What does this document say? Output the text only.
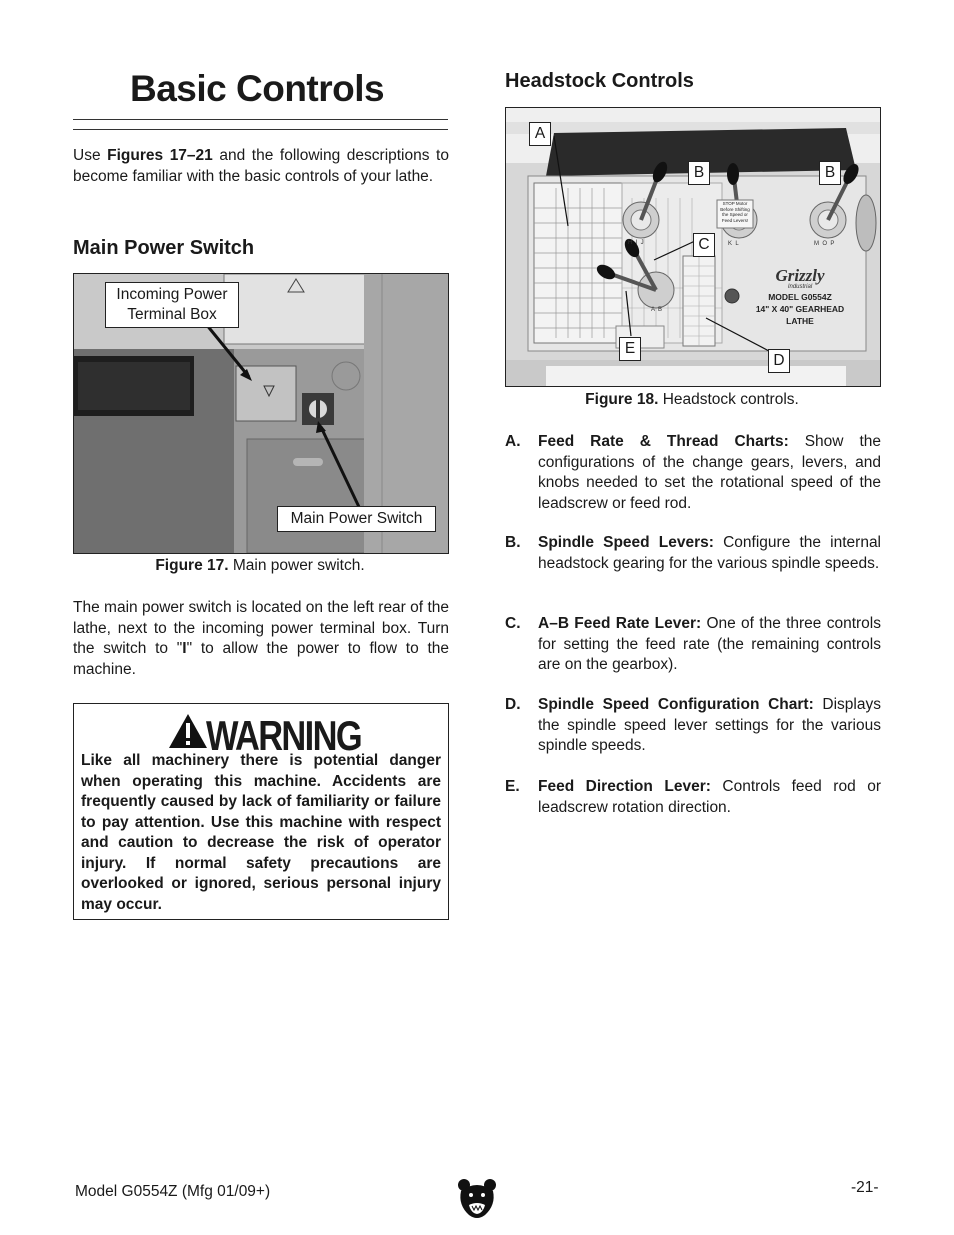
Basic Controls
Use Figures 17–21 and the following descriptions to become familiar with the basic controls of your lathe.
Main Power Switch
Incoming Power Terminal Box
Main Power Switch
Figure 17. Main power switch.
The main power switch is located on the left rear of the lathe, next to the incoming power terminal box. Turn the switch to "I" to allow the power to flow to the machine.
WARNING
Like all machinery there is potential danger when operating this machine. Accidents are frequently caused by lack of familiarity or failure to pay attention. Use this machine with respect and caution to decrease the risk of operator injury. If normal safety precautions are overlooked or ignored, serious personal injury may occur.
Headstock Controls
Grizzly
Industrial
MODEL G0554Z
14" X 40" GEARHEAD
LATHE
STOP Motor Before Shifting the Speed or Feed Levers!
H  I  J	K  L	M  O  P
A  B
A
B	B
C
E
D
Figure 18. Headstock controls.
A. Feed Rate & Thread Charts: Show the configurations of the change gears, levers, and knobs needed to set the rotational speed of the leadscrew or feed rod.
B. Spindle Speed Levers: Configure the internal headstock gearing for the various spindle speeds.
C. A–B Feed Rate Lever: One of the three controls for setting the feed rate (the remaining controls are on the gearbox).
D. Spindle Speed Configuration Chart: Displays the spindle speed lever settings for the various spindle speeds.
E. Feed Direction Lever: Controls feed rod or leadscrew rotation direction.
Model G0554Z (Mfg 01/09+)	-21-
